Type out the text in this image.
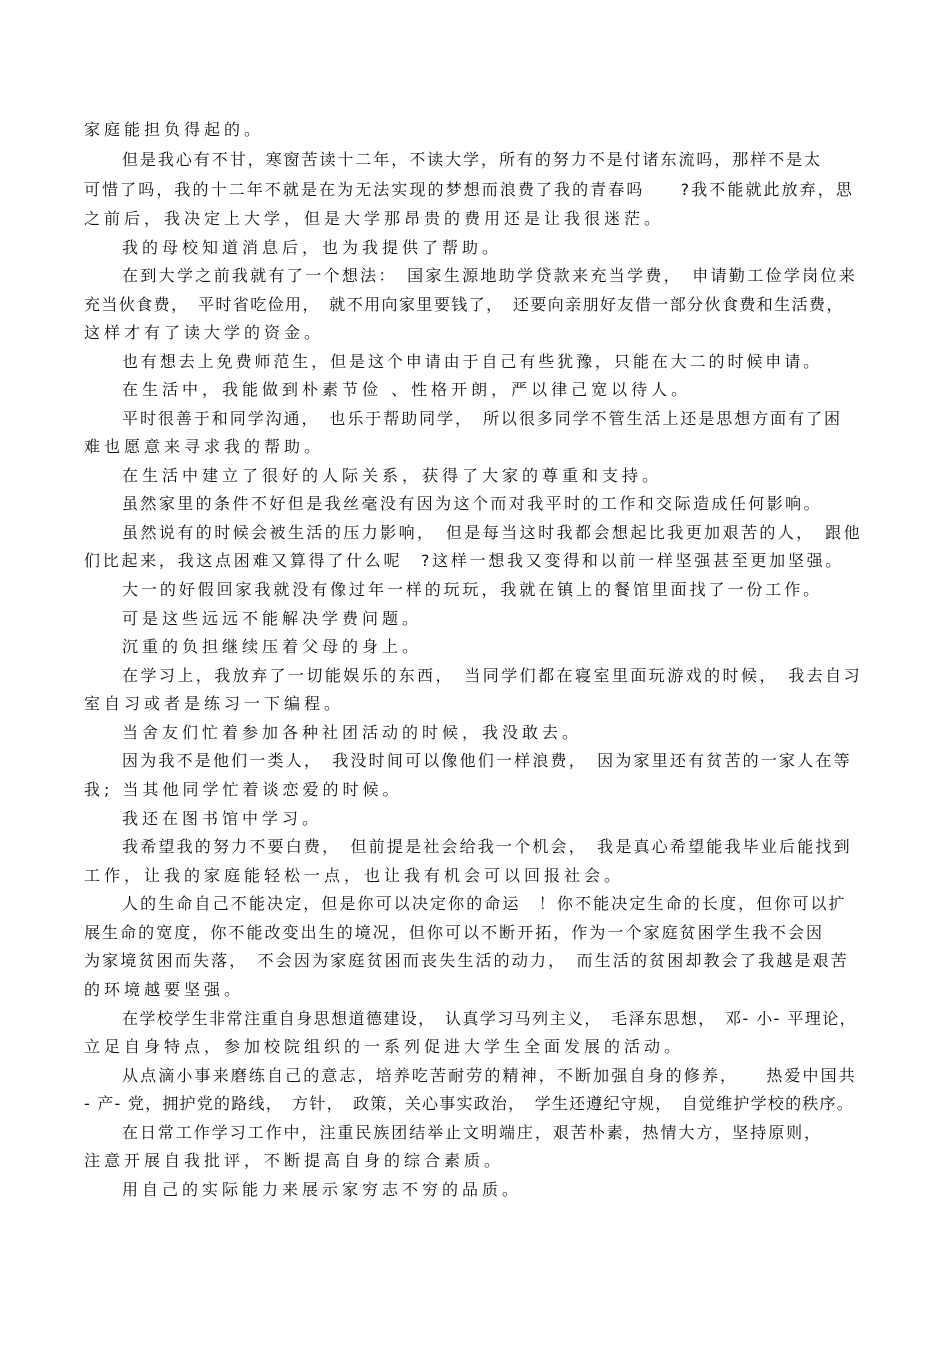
家庭能担负得起的。
但是我心有不甘，寒窗苦读十二年，不读大学，所有的努力不是付诸东流吗，那样不是太
可惜了吗，我的十二年不就是在为无法实现的梦想而浪费了我的青春吗　　?我不能就此放弃，思
之前后，我决定上大学，但是大学那昂贵的费用还是让我很迷茫。
我的母校知道消息后，也为我提供了帮助。
在到大学之前我就有了一个想法：　国家生源地助学贷款来充当学费，　申请勤工俭学岗位来
充当伙食费，　平时省吃俭用，　就不用向家里要钱了，　还要向亲朋好友借一部分伙食费和生活费，
这样才有了读大学的资金。
也有想去上免费师范生，但是这个申请由于自己有些犹豫，只能在大二的时候申请。
在生活中，我能做到朴素节俭 、性格开朗，严以律己宽以待人。
平时很善于和同学沟通，　也乐于帮助同学，　所以很多同学不管生活上还是思想方面有了困
难也愿意来寻求我的帮助。
在生活中建立了很好的人际关系，获得了大家的尊重和支持。
虽然家里的条件不好但是我丝毫没有因为这个而对我平时的工作和交际造成任何影响。
虽然说有的时候会被生活的压力影响，　但是每当这时我都会想起比我更加艰苦的人，　跟他
们比起来，我这点困难又算得了什么呢　?这样一想我又变得和以前一样坚强甚至更加坚强。
大一的好假回家我就没有像过年一样的玩玩，我就在镇上的餐馆里面找了一份工作。
可是这些远远不能解决学费问题。
沉重的负担继续压着父母的身上。
在学习上，我放弃了一切能娱乐的东西，　当同学们都在寝室里面玩游戏的时候，　我去自习
室自习或者是练习一下编程。
当舍友们忙着参加各种社团活动的时候，我没敢去。
因为我不是他们一类人，　我没时间可以像他们一样浪费，　因为家里还有贫苦的一家人在等
我; 当其他同学忙着谈恋爱的时候。
我还在图书馆中学习。
我希望我的努力不要白费，　但前提是社会给我一个机会，　我是真心希望能我毕业后能找到
工作，让我的家庭能轻松一点，也让我有机会可以回报社会。
人的生命自己不能决定，但是你可以决定你的命运　！你不能决定生命的长度，但你可以扩
展生命的宽度，你不能改变出生的境况，但你可以不断开拓，作为一个家庭贫困学生我不会因
为家境贫困而失落，　不会因为家庭贫困而丧失生活的动力，　而生活的贫困却教会了我越是艰苦
的环境越要坚强。
在学校学生非常注重自身思想道德建设，　认真学习马列主义，　毛泽东思想，　邓- 小- 平理论，
立足自身特点，参加校院组织的一系列促进大学生全面发展的活动。
从点滴小事来磨练自己的意志，培养吃苦耐劳的精神，不断加强自身的修养，　　热爱中国共
- 产- 党，拥护党的路线，　方针，　政策，关心事实政治，　学生还遵纪守规，　自觉维护学校的秩序。
在日常工作学习工作中，注重民族团结举止文明端庄，艰苦朴素，热情大方，坚持原则，
注意开展自我批评，不断提高自身的综合素质。
用自己的实际能力来展示家穷志不穷的品质。
